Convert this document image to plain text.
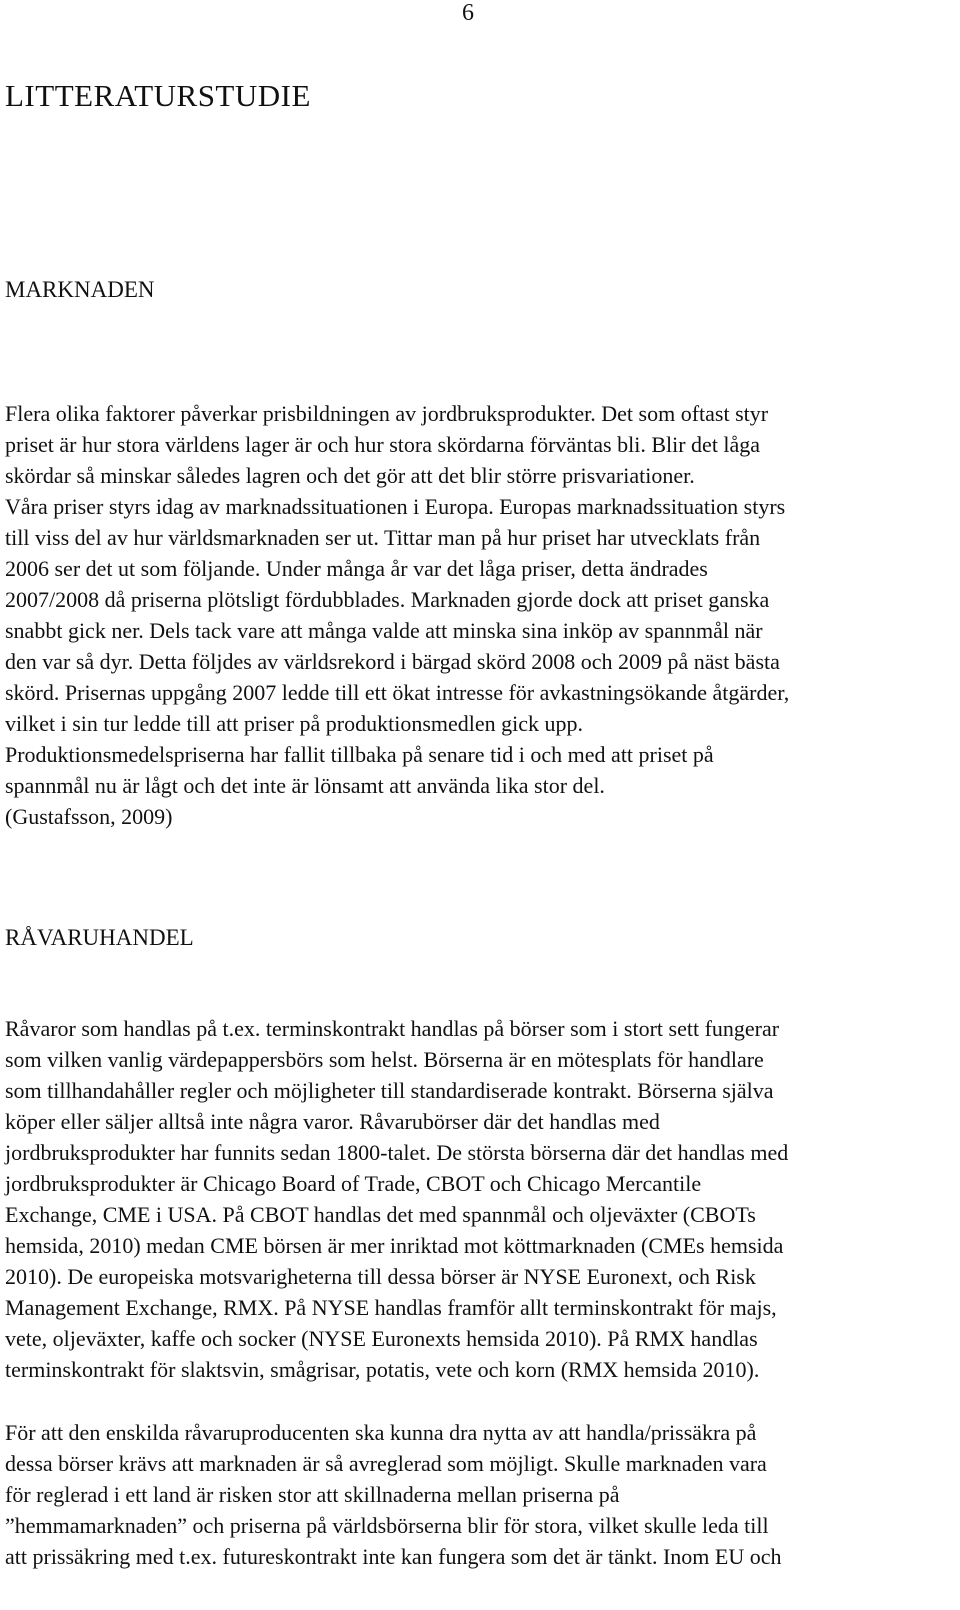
6
LITTERATURSTUDIE
MARKNADEN
Flera olika faktorer påverkar prisbildningen av jordbruksprodukter. Det som oftast styr
priset är hur stora världens lager är och hur stora skördarna förväntas bli. Blir det låga
skördar så minskar således lagren och det gör att det blir större prisvariationer.
Våra priser styrs idag av marknadssituationen i Europa. Europas marknadssituation styrs
till viss del av hur världsmarknaden ser ut. Tittar man på hur priset har utvecklats från
2006 ser det ut som följande. Under många år var det låga priser, detta ändrades
2007/2008 då priserna plötsligt fördubblades. Marknaden gjorde dock att priset ganska
snabbt gick ner. Dels tack vare att många valde att minska sina inköp av spannmål när
den var så dyr. Detta följdes av världsrekord i bärgad skörd 2008 och 2009 på näst bästa
skörd. Prisernas uppgång 2007 ledde till ett ökat intresse för avkastningsökande åtgärder,
vilket i sin tur ledde till att priser på produktionsmedlen gick upp.
Produktionsmedelspriserna har fallit tillbaka på senare tid i och med att priset på
spannmål nu är lågt och det inte är lönsamt att använda lika stor del.
(Gustafsson, 2009)
RÅVARUHANDEL
Råvaror som handlas på t.ex. terminskontrakt handlas på börser som i stort sett fungerar
som vilken vanlig värdepappersbörs som helst. Börserna är en mötesplats för handlare
som tillhandahåller regler och möjligheter till standardiserade kontrakt. Börserna själva
köper eller säljer alltså inte några varor. Råvarubörser där det handlas med
jordbruksprodukter har funnits sedan 1800-talet. De största börserna där det handlas med
jordbruksprodukter är Chicago Board of Trade, CBOT och Chicago Mercantile
Exchange, CME i USA. På CBOT handlas det med spannmål och oljeväxter (CBOTs
hemsida, 2010) medan CME börsen är mer inriktad mot köttmarknaden (CMEs hemsida
2010). De europeiska motsvarigheterna till dessa börser är NYSE Euronext, och Risk
Management Exchange, RMX. På NYSE handlas framför allt terminskontrakt för majs,
vete, oljeväxter, kaffe och socker (NYSE Euronexts hemsida 2010). På RMX handlas
terminskontrakt för slaktsvin, smågrisar, potatis, vete och korn (RMX hemsida 2010).
För att den enskilda råvaruproducenten ska kunna dra nytta av att handla/prissäkra på
dessa börser krävs att marknaden är så avreglerad som möjligt. Skulle marknaden vara
för reglerad i ett land är risken stor att skillnaderna mellan priserna på
”hemmamarknaden” och priserna på världsbörserna blir för stora, vilket skulle leda till
att prissäkring med t.ex. futureskontrakt inte kan fungera som det är tänkt. Inom EU och
